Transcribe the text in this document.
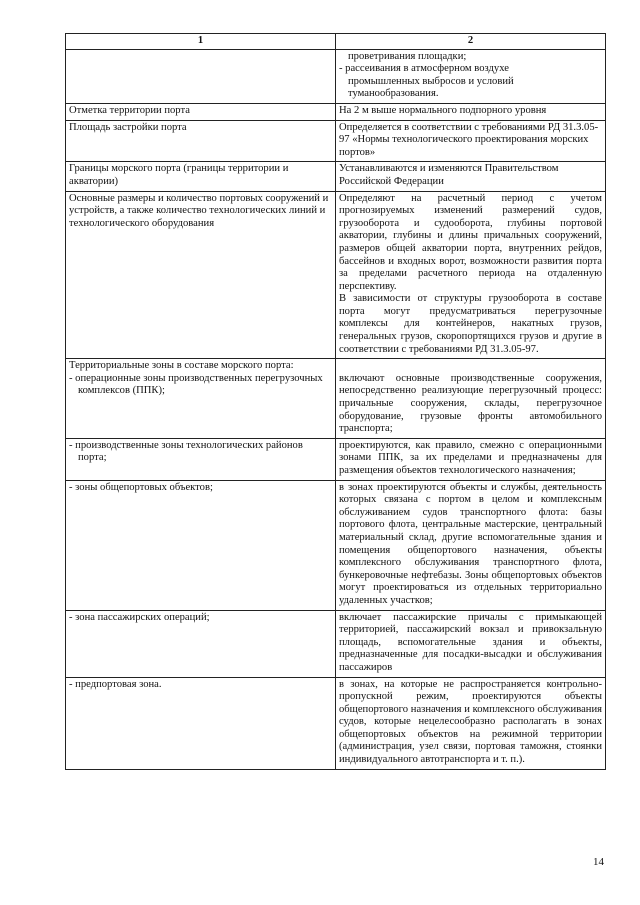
1	2

	проветривания площадки;
- рассеивания в атмосферном воздухе
промышленных выбросов и условий
туманообразования.

Отметка территории порта	На 2 м выше нормального подпорного уровня
Площадь застройки порта	Определяется в соответствии с требованиями РД 31.3.05-97 «Нормы технологического проектирования морских портов»
Границы морского порта (границы территории и акватории)	Устанавливаются и изменяются Правительством Российской Федерации
Основные размеры и количество портовых сооружений и устройств, а также количество технологических линий и технологического оборудования	Определяют на расчетный период с учетом прогнозируемых изменений размерений судов, грузооборота и судооборота, глубины портовой акватории, глубины и длины причальных сооружений, размеров общей акватории порта, внутренних рейдов, бассейнов и входных ворот, возможности развития порта за пределами расчетного периода на отдаленную перспективу.
В зависимости от структуры грузооборота в составе порта могут предусматриваться перегрузочные комплексы для контейнеров, накатных грузов, генеральных грузов, скоропортящихся грузов и другие в соответствии с требованиями РД 31.3.05-97.

Территориальные зоны в составе морского порта:
- операционные зоны производственных перегрузочных комплексов (ППК);	включают основные производственные сооружения, непосредственно реализующие перегрузочный процесс: причальные сооружения, склады, перегрузочное оборудование, грузовые фронты автомобильного транспорта;

- производственные зоны технологических районов порта;	проектируются, как правило, смежно с операционными зонами ППК, за их пределами и предназначены для размещения объектов технологического назначения;

- зоны общепортовых объектов;	в зонах проектируются объекты и службы, деятельность которых связана с портом в целом и комплексным обслуживанием судов транспортного флота: базы портового флота, центральные мастерские, центральный материальный склад, другие вспомогательные здания и помещения общепортового назначения, объекты комплексного обслуживания транспортного флота, бункеровочные нефтебазы. Зоны общепортовых объектов могут проектироваться из отдельных территориально удаленных участков;

- зона пассажирских операций;	включает пассажирские причалы с примыкающей территорией, пассажирский вокзал и привокзальную площадь, вспомогательные здания и объекты, предназначенные для посадки-высадки и обслуживания пассажиров

- предпортовая зона.	в зонах, на которые не распространяется контрольно-пропускной режим, проектируются объекты общепортового назначения и комплексного обслуживания судов, которые нецелесообразно располагать в зонах общепортовых объектов на режимной территории (администрация, узел связи, портовая таможня, стоянки индивидуального автотранспорта и т. п.).
14
